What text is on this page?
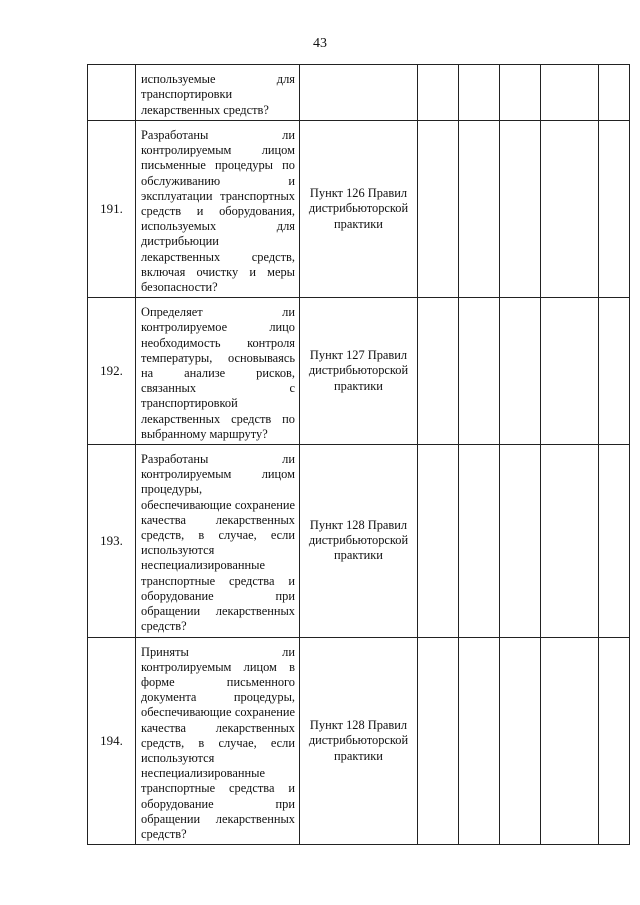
43

	используемые для транспортировки лекарственных средств?						

191.	Разработаны ли контролируемым лицом письменные процедуры по обслуживанию и эксплуатации транспортных средств и оборудования, используемых для дистрибьюции лекарственных средств, включая очистку и меры безопасности?	Пункт 126 Правил дистрибьюторской практики					

192.	Определяет ли контролируемое лицо необходимость контроля температуры, основываясь на анализе рисков, связанных с транспортировкой лекарственных средств по выбранному маршруту?	Пункт 127 Правил дистрибьюторской практики					

193.	Разработаны ли контролируемым лицом процедуры, обеспечивающие сохранение качества лекарственных средств, в случае, если используются неспециализированные транспортные средства и оборудование при обращении лекарственных средств?	Пункт 128 Правил дистрибьюторской практики					

194.	Приняты ли контролируемым лицом в форме письменного документа процедуры, обеспечивающие сохранение качества лекарственных средств, в случае, если используются неспециализированные транспортные средства и оборудование при обращении лекарственных средств?	Пункт 128 Правил дистрибьюторской практики					
